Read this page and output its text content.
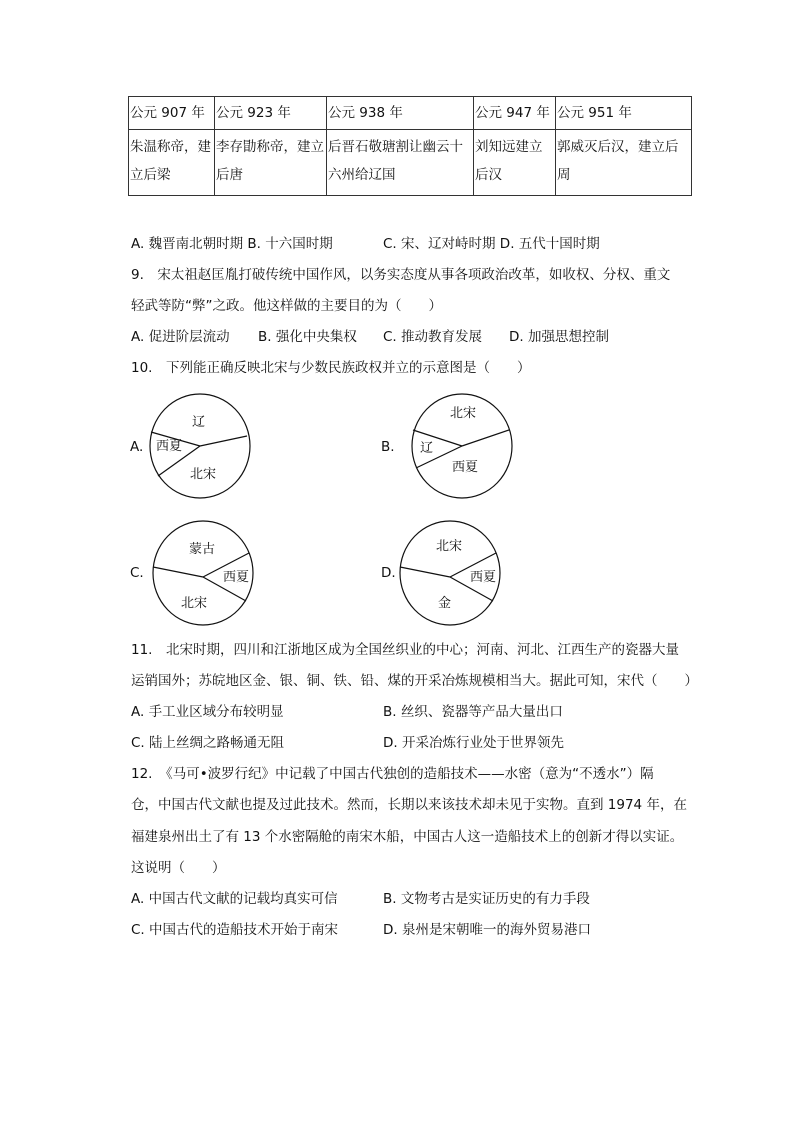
公元 907 年	公元 923 年	公元 938 年	公元 947 年	公元 951 年
朱温称帝，建立后梁	李存勖称帝，建立后唐	后晋石敬瑭割让幽云十六州给辽国	刘知远建立后汉	郭威灭后汉，建立后周
A. 魏晋南北朝时期 B. 十六国时期	C. 宋、辽对峙时期 D. 五代十国时期
9.　宋太祖赵匡胤打破传统中国作风，以务实态度从事各项政治改革，如收权、分权、重文
轻武等防“弊”之政。他这样做的主要目的为（　　）
A. 促进阶层流动 B. 强化中央集权 C. 推动教育发展 D. 加强思想控制
10.　下列能正确反映北宋与少数民族政权并立的示意图是（　　）
A.
辽
西夏
北宋
B.
北宋
辽
西夏
C.
蒙古
西夏
北宋
D.
北宋
西夏
金
11.　北宋时期，四川和江浙地区成为全国丝织业的中心；河南、河北、江西生产的瓷器大量
运销国外；苏皖地区金、银、铜、铁、铅、煤的开采冶炼规模相当大。据此可知，宋代（　　）
A. 手工业区域分布较明显	B. 丝织、瓷器等产品大量出口
C. 陆上丝绸之路畅通无阻	D. 开采冶炼行业处于世界领先
12.　《马可•波罗行纪》中记载了中国古代独创的造船技术——水密（意为“不透水”）隔
仓，中国古代文献也提及过此技术。然而，长期以来该技术却未见于实物。直到 1974 年，在
福建泉州出土了有 13 个水密隔舱的南宋木船，中国古人这一造船技术上的创新才得以实证。
这说明（　　）
A. 中国古代文献的记载均真实可信	B. 文物考古是实证历史的有力手段
C. 中国古代的造船技术开始于南宋	D. 泉州是宋朝唯一的海外贸易港口
